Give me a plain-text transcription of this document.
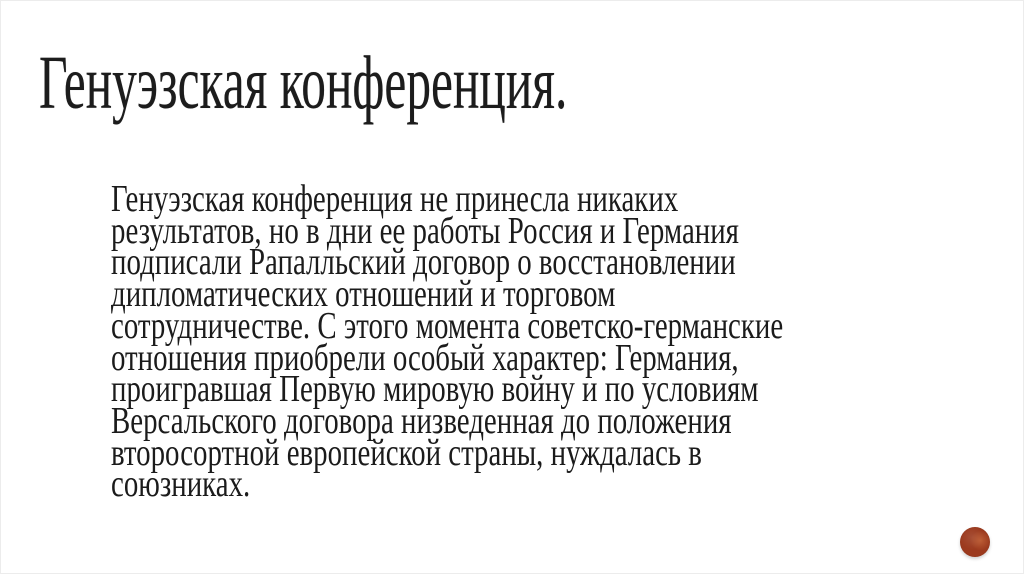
Генуэзская конференция.
Генуэзская конференция не принесла никаких
результатов, но в дни ее работы Россия и Германия
подписали Рапалльский договор о восстановлении
дипломатических отношений и торговом
сотрудничестве. С этого момента советско-германские
отношения приобрели особый характер: Германия,
проигравшая Первую мировую войну и по условиям
Версальского договора низведенная до положения
второсортной европейской страны, нуждалась в
союзниках.
